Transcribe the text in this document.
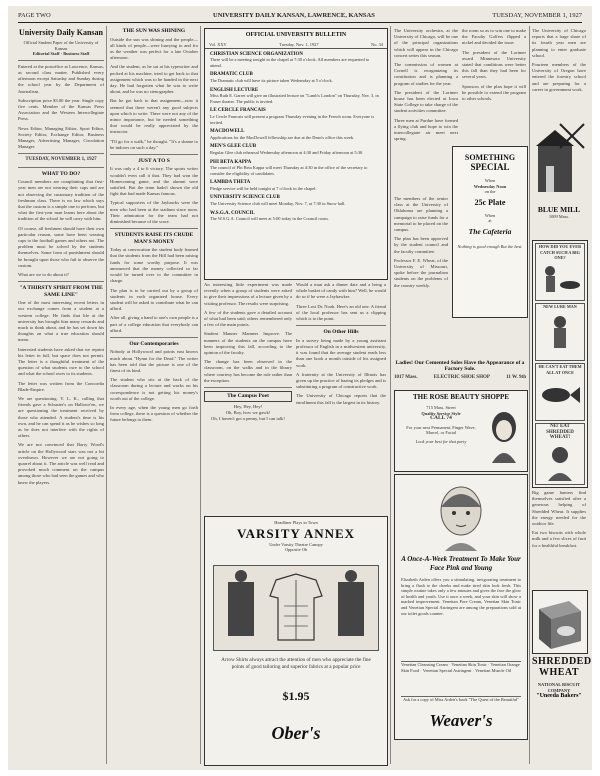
PAGE TWO	UNIVERSITY DAILY KANSAN, LAWRENCE, KANSAS	TUESDAY, NOVEMBER 1, 1927
University Daily Kansan
Official Student Paper of the University of Kansas
Editorial Staff · Business Staff

Entered at the postoffice at Lawrence, Kansas, as second class matter. Published every afternoon except Saturday and Sunday during the school year by the Department of Journalism.

Subscription price $3.00 the year. Single copy five cents. Member of the Kansas Press Association and the Western Intercollegiate Press.

News Editor, Managing Editor, Sport Editor, Society Editor, Exchange Editor, Business Manager, Advertising Manager, Circulation Manager.

TUESDAY, NOVEMBER 1, 1927
WHAT TO DO?

Council members are complaining that first-year men are not wearing their caps and are not observing the customary tradition of the freshman class. There is no law which says that the custom is a simple one to perform, but what the first-year man learns here about the tradition of the school he will carry with him.

Of course, all freshmen should have their own particular reason, some have been wearing caps to the football games and others not. The problem must be solved by the students themselves. Some form of punishment should be brought upon those who fail to observe the custom.

What are we to do about it?

"A THIRSTY SPIRIT FROM THE SAME LINE"

One of the most interesting recent letters in our exchange comes from a student at a western college. He finds that life at the university has brought him many rewards and much to think about, and he has set down his thoughts on what a true education should mean.

Interested students have asked that we reprint his letter in full, but space does not permit. The letter is a thoughtful treatment of the question of what students owe to the school and what the school owes to its students.

The letter was written from the Concordia Blade-Empire.

We are questioning. Y. L. K., calling that friends gave a Schuster's on Hallowe'en, we are questioning the treatment received by those who attended. A student's time is his own, and he can spend it as he wishes so long as he does not interfere with the rights of others.

We are not convinced that Barry Wood's article on the Hollywood stars was not a bit overdrawn. However we are not going to quarrel about it. The article was well read and provoked much comment on the campus among those who had seen the games and who knew the players.

THE SUN WAS SHINING

Outside the sun was shining and the people—all kinds of people—were hurrying to and fro as the weather was perfect for a late October afternoon.

And the student, as he sat at his typewriter and pecked at his machine, tried to get back to that assignment which was to be handed in the next day. He had forgotten what he was to write about, and he was no stenographer.

But he got back to that assignment—now it seemed that there weren't any good subjects upon which to write. There were not any of the minor importance, but he needed something that would be really appreciated by the instructor.

"I'll go for a walk," he thought. "It's a shame to be indoors on such a day."

JUST A TO S

It was only a 4 to 6 victory. The sports writer wouldn't even call it that. They had won the Homecoming game, and the alumni were satisfied. But the team hadn't shown the old fight that had made Kansas famous.

Typical supporters of the Jayhawks were the men who had been at the stadium since noon. Their admiration for the team had not diminished because of the score.

STUDENTS RAISE ITS CRUDE MAN'S MONEY

Today at convocation the student body learned that the students from the Hill had been raising funds for some worthy purpose. It was announced that the money collected so far would be turned over to the committee in charge.

The plan is to be carried out by a group of students in each organized house. Every student will be asked to contribute what he can afford.

After all, giving a hand to one's own people is a part of a college education that everybody can afford.

Our Contemporaries

Nobody at Hollywood and points east knows much about "Hymn for the Dead." The writer has been told that the picture is one of the finest of its kind.

The student who sits at the back of the classroom during a lecture and works on his correspondence is not getting his money's worth out of the college.

In every age, when the young men go forth from college, there is a question of whether the future belongs to them.

OFFICIAL UNIVERSITY BULLETIN
Vol. XXV	Tuesday, Nov. 1, 1927	No. 34
CHRISTIAN SCIENCE ORGANIZATION
There will be a meeting tonight in the chapel at 7:30 o'clock. All members are requested to attend.
DRAMATIC CLUB
The Dramatic club will have its picture taken Wednesday at 5 o'clock.
ENGLISH LECTURE
Miss Ruth E. Garret will give an illustrated lecture on "Lamb's London" on Thursday, Nov. 3, in Fraser theater. The public is invited.
LE CERCLE FRANCAIS
Le Cercle Francais will present a program Thursday evening in the French room. Everyone is invited.
MACDOWELL
Applications for the MacDowell fellowship are due at the Dean's office this week.
MEN'S GLEE CLUB
Regular Glee club rehearsal Wednesday afternoon at 4:30 and Friday afternoon at 5:30.
PHI BETA KAPPA
The council of Phi Beta Kappa will meet Thursday at 4:30 in the office of the secretary to consider the eligibility of candidates.
LAMBDA THETA
Pledge service will be held tonight at 7 o'clock in the chapel.
UNIVERSITY SCIENCE CLUB
The University Science club will meet Monday, Nov. 7, at 7:30 in Snow hall.
W.S.G.A. COUNCIL
The W.S.G.A. Council will meet at 5:00 today in the Council room.

An interesting little experiment was made recently when a group of students were asked to give their impressions of a lecture given by a visiting professor. The results were surprising.

A few of the students gave a detailed account of what had been said; others remembered only a few of the main points.

Student Manner Manners Improve. The manners of the students on the campus have been improving this fall, according to the opinion of the faculty.

The change has been observed in the classroom, on the walks and in the library where courtesy has become the rule rather than the exception.

The Campus Poet

Hey, Hey, Hey!
Oh, Boy, how we gawk!
Oh, I haven't got a penny, but I can talk!

Would a man ask a dinner date and a bring a whole basket of candy with him? Well, he would do so if he were a Jayhawker.

Three Lost Dr. Noah. Here's an old one. A friend of the local professor has sent us a clipping which is to the point.

On Other Hills

In a survey being made by a young assistant professor of English in a midwestern university, it was found that the average student reads less than one book a month outside of his assigned work.

A fraternity at the University of Illinois has given up the practice of hazing its pledges and is substituting a program of constructive work.

The University of Chicago reports that the enrollment this fall is the largest in its history.

Headliner Plays in Town
VARSITY ANNEX
Under Varsity Theatre Canopy
Opposite Ob
Arrow Shirts always attract the attention of men who appreciate the fine points of good tailoring and superior fabrics at a popular price
$1.95
Ober's

The University orchestra, at the University of Chicago, will be one of the principal organizations which will appear in the Chicago concert series this season.

The commission of women at Cornell is reorganizing its constitution and is planning a program of studies for the year.

The president of the Lorimer house has been elected at Iowa State College to take charge of the student activities committee.

Three men at Purdue have formed a flying club and hope to win the intercollegiate air meet next spring.

the room so as to win one to make the Faculty Golfers flipped a nickel and decided the issue.

The president of the Lorimer award Minnesota University stated that conditions were better this fall than they had been for several years.

Sponsors of the plan hope it will be possible to extend the program to other schools.

SOMETHING
SPECIAL
When
Wednesday Noon
on the
25c Plate
When
at
The Cafeteria
Nothing is good enough But the best.

The members of the senior class at the University of Oklahoma are planning a campaign to raise funds for a memorial to be placed on the campus.

The plan has been approved by the student council and the faculty committee.

Professor F. E. Wheat, of the University of Missouri, spoke before the journalism students on the problems of the country weekly.

Ladies! Our Cemented Soles Have the Appearance of a Factory Sole.
1017 Mass.	ELECTRIC SHOE SHOP	11 W. 9th
THE ROSE BEAUTY SHOPPE
715 Mass. Street
Quality Service Style
CALL 74
For your next Permanent, Finger Wave, Marcel, or Facial
Look your best for that party
A Once-A-Week Treatment To Make Your Face Pink and Young
Elizabeth Arden offers you a stimulating, invigorating treatment to bring a flush to the cheeks and make tired skin look fresh. This simple routine takes only a few minutes and gives the face the glow of health and youth. Use it once a week, and your skin will show a marked improvement. Venetian Pore Cream, Venetian Skin Tonic and Venetian Special Astringent are among the preparations sold at our toilet goods counter.
Venetian Cleansing Cream · Venetian Skin Tonic · Venetian Orange Skin Food · Venetian Special Astringent · Venetian Muscle Oil
Ask for a copy of Miss Arden's book "The Quest of the Beautiful"
Weaver's

The University of Chicago reports that a large share of its fourth year men are planning to enter graduate school.

Fourteen members of the University of Oregon have entered the forestry school and are preparing for a career in government work.

BLUE MILL
1009 Mass.
HOW DID YOU EVER CATCH SUCH A BIG ONE?
NEW LURE MAN
HE CAN'T EAT THEM ALL AT ONCE
NE! EAT SHREDDED WHEAT!

Big game hunters find themselves satisfied after a generous helping of Shredded Wheat. It supplies the energy needed for the outdoor life.

Eat two biscuits with whole milk and a few slices of fruit for a healthful breakfast.

SHREDDED WHEAT
NATIONAL BISCUIT COMPANY
"Uneeda Bakers"
